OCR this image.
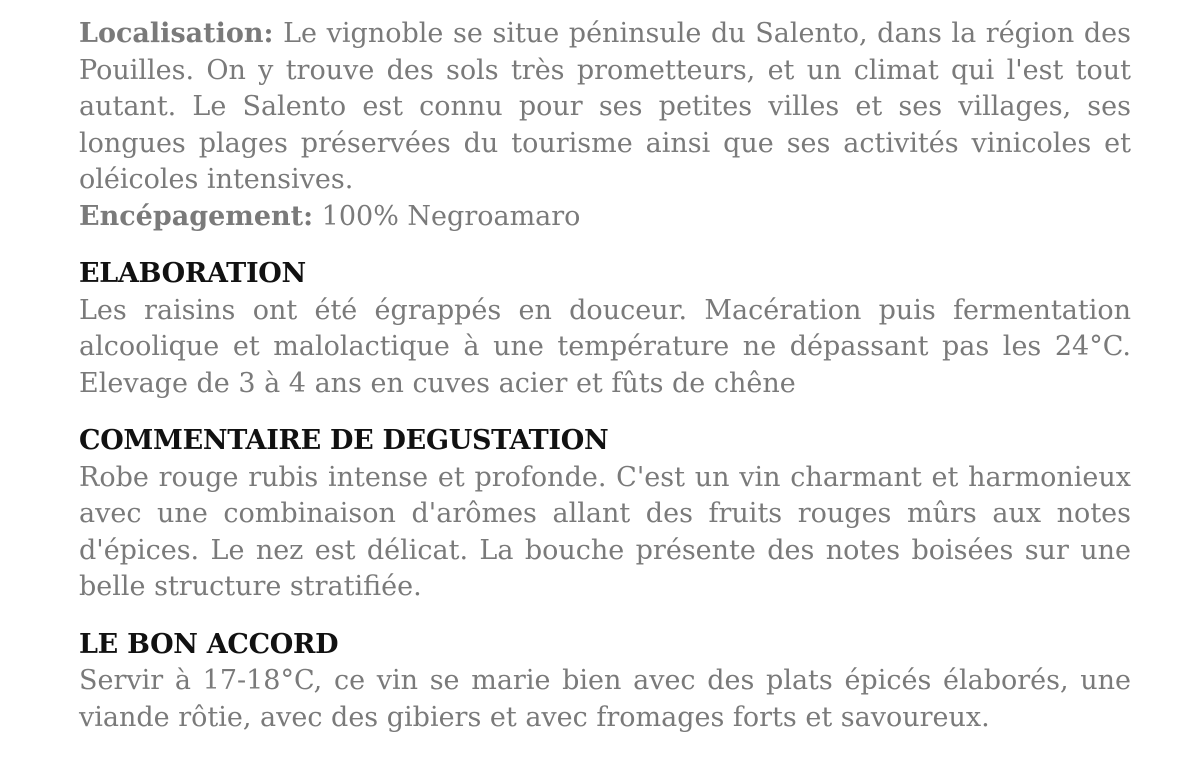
Localisation: Le vignoble se situe péninsule du Salento, dans la région des Pouilles. On y trouve des sols très prometteurs, et un climat qui l'est tout autant. Le Salento est connu pour ses petites villes et ses villages, ses longues plages préservées du tourisme ainsi que ses activités vinicoles et oléicoles intensives.

Encépagement: 100% Negroamaro

ELABORATION

Les raisins ont été égrappés en douceur. Macération puis fermentation alcoolique et malolactique à une température ne dépassant pas les 24°C. Elevage de 3 à 4 ans en cuves acier et fûts de chêne

COMMENTAIRE DE DEGUSTATION

Robe rouge rubis intense et profonde. C'est un vin charmant et harmonieux avec une combinaison d'arômes allant des fruits rouges mûrs aux notes d'épices. Le nez est délicat. La bouche présente des notes boisées sur une belle structure stratifiée.

LE BON ACCORD

Servir à 17-18°C, ce vin se marie bien avec des plats épicés élaborés, une viande rôtie, avec des gibiers et avec fromages forts et savoureux.
